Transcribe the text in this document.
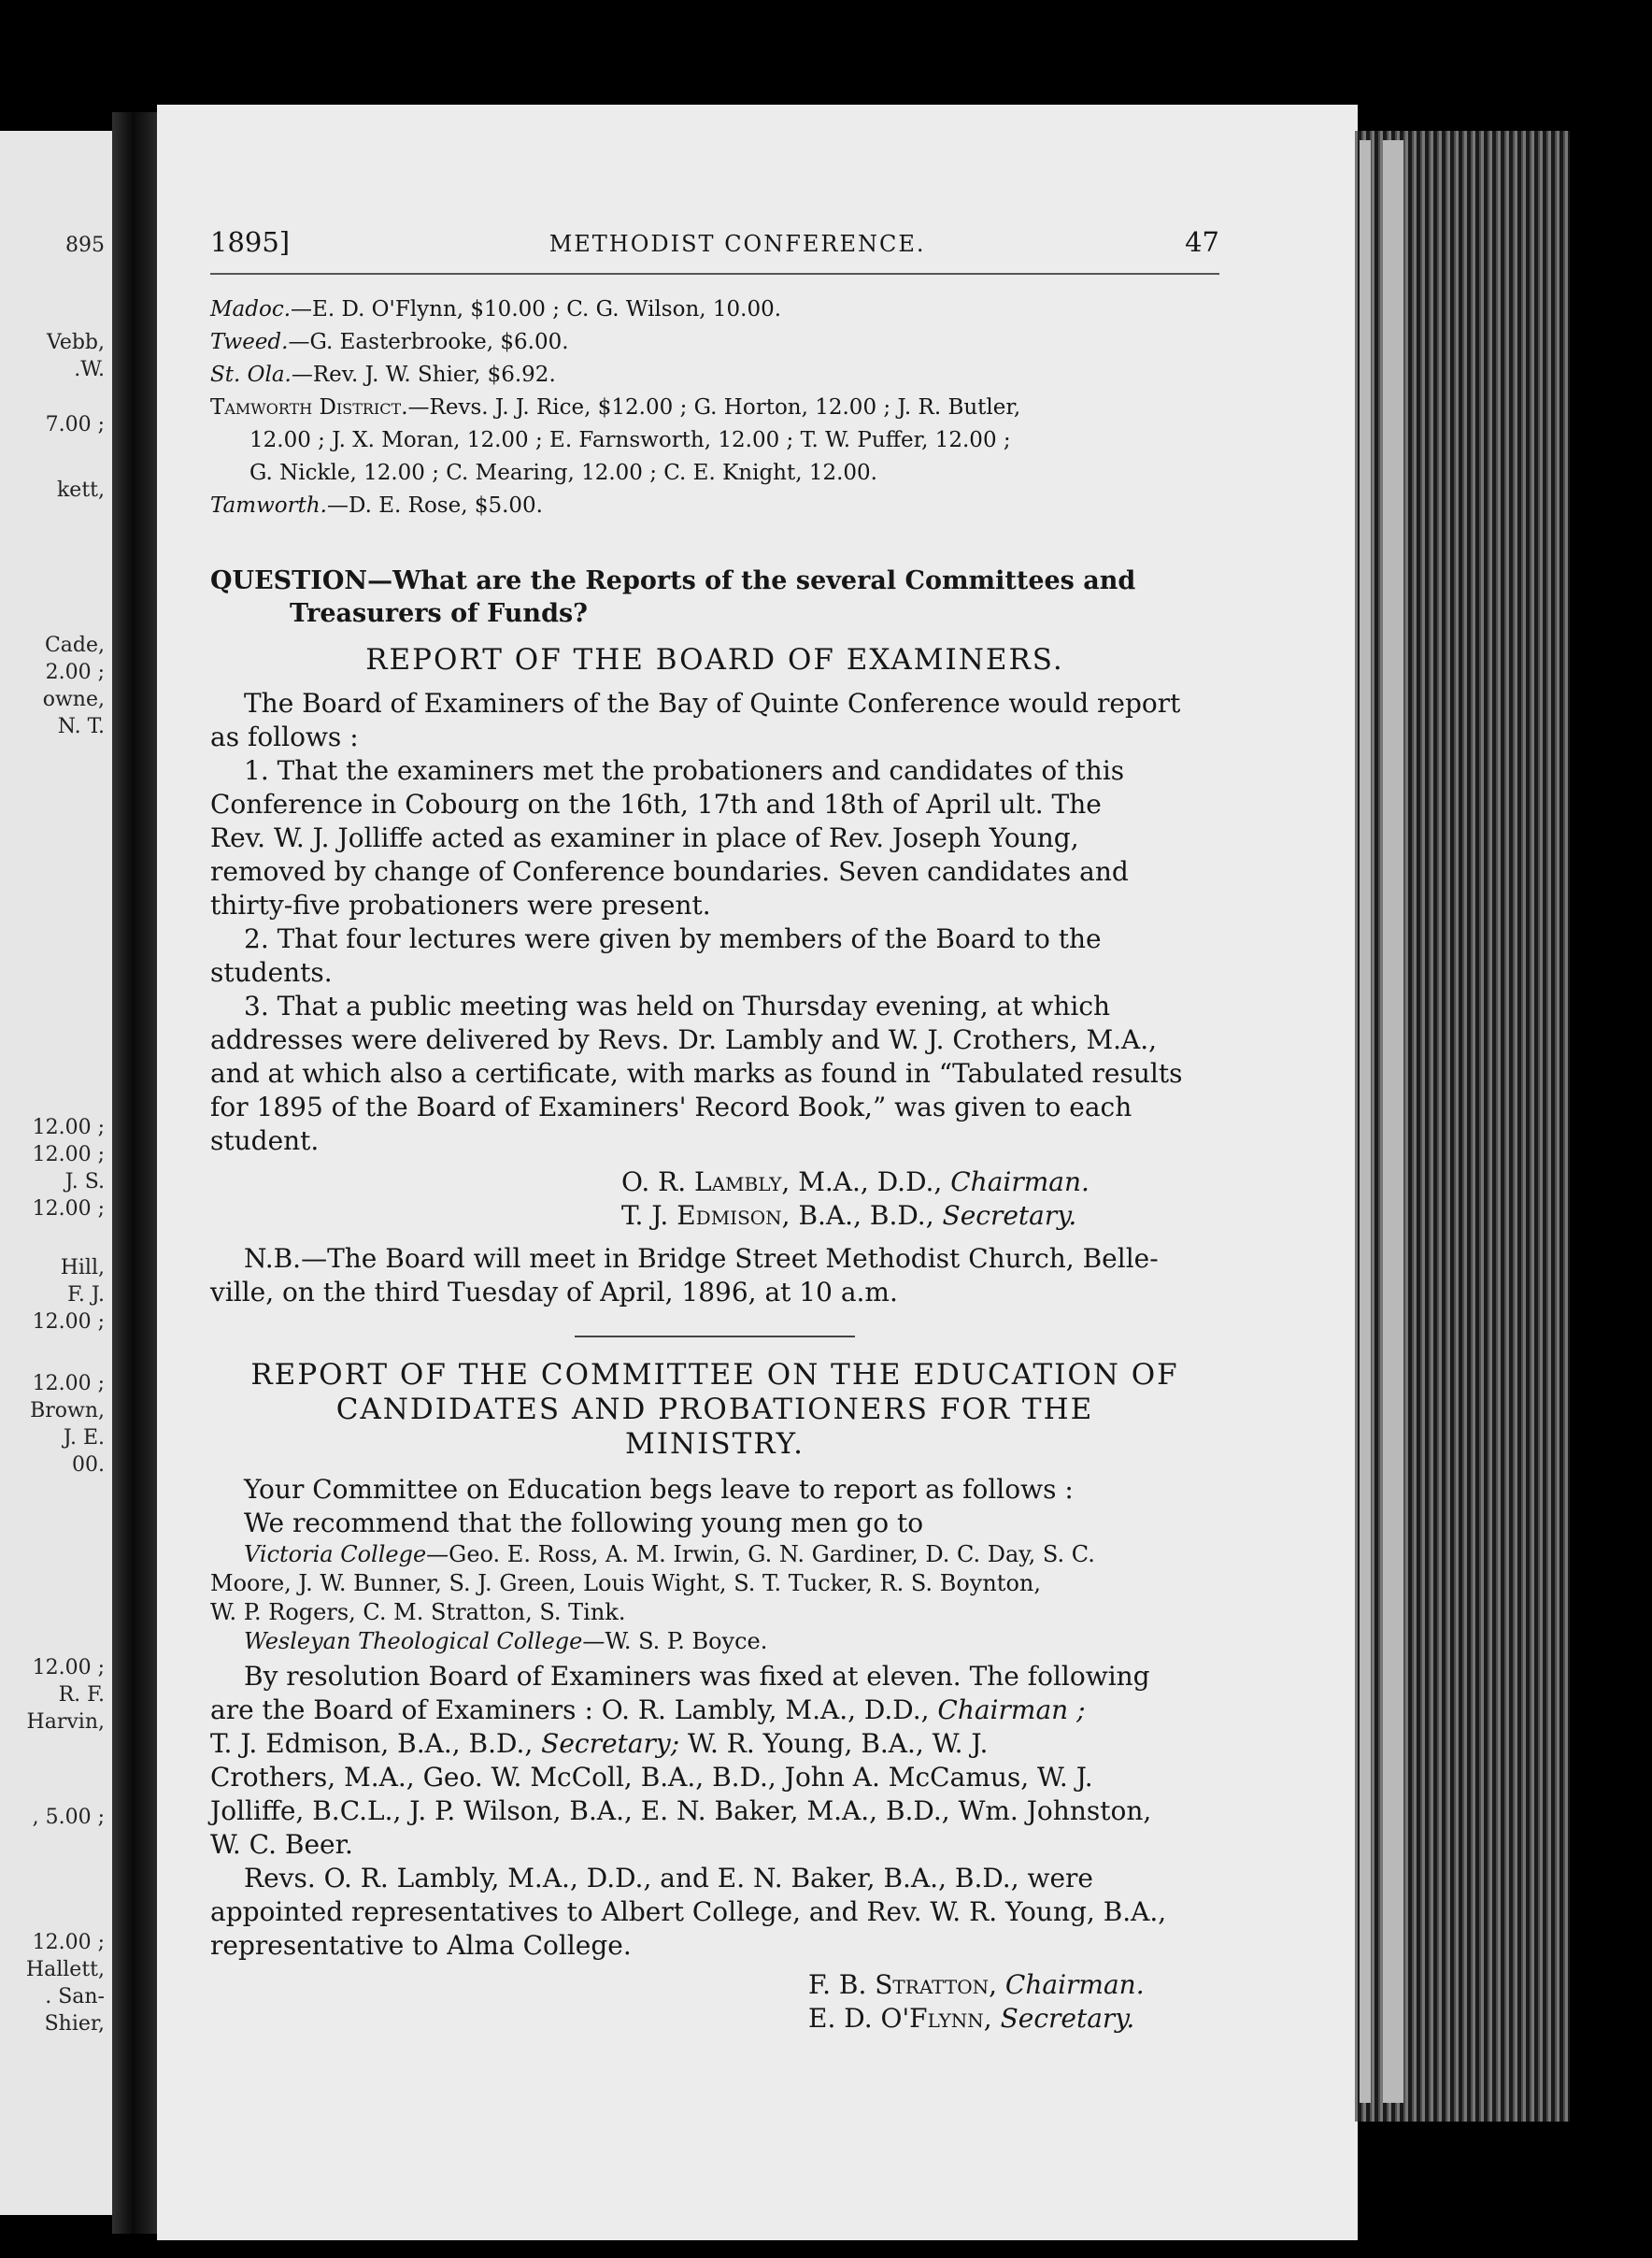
895
Vebb,
.W.
7.00 ;
kett,
Cade,
2.00 ;
owne,
N. T.
12.00 ;
12.00 ;
J. S.
12.00 ;
Hill,
F. J.
12.00 ;
12.00 ;
Brown,
J. E.
00.
12.00 ;
R. F.
Harvin,
, 5.00 ;
12.00 ;
Hallett,
. San-
Shier,
1895]	METHODIST CONFERENCE.	47
Madoc.—E. D. O'Flynn, $10.00 ; C. G. Wilson, 10.00.
Tweed.—G. Easterbrooke, $6.00.
St. Ola.—Rev. J. W. Shier, $6.92.
Tamworth District.—Revs. J. J. Rice, $12.00 ; G. Horton, 12.00 ; J. R. Butler,
12.00 ; J. X. Moran, 12.00 ; E. Farnsworth, 12.00 ; T. W. Puffer, 12.00 ;
G. Nickle, 12.00 ; C. Mearing, 12.00 ; C. E. Knight, 12.00.
Tamworth.—D. E. Rose, $5.00.
QUESTION—What are the Reports of the several Committees and
Treasurers of Funds?
REPORT OF THE BOARD OF EXAMINERS.
The Board of Examiners of the Bay of Quinte Conference would report
as follows :
1. That the examiners met the probationers and candidates of this
Conference in Cobourg on the 16th, 17th and 18th of April ult. The
Rev. W. J. Jolliffe acted as examiner in place of Rev. Joseph Young,
removed by change of Conference boundaries. Seven candidates and
thirty-five probationers were present.
2. That four lectures were given by members of the Board to the
students.
3. That a public meeting was held on Thursday evening, at which
addresses were delivered by Revs. Dr. Lambly and W. J. Crothers, M.A.,
and at which also a certificate, with marks as found in “Tabulated results
for 1895 of the Board of Examiners' Record Book,” was given to each
student.
O. R. Lambly, M.A., D.D., Chairman.
T. J. Edmison, B.A., B.D., Secretary.
N.B.—The Board will meet in Bridge Street Methodist Church, Belle-
ville, on the third Tuesday of April, 1896, at 10 a.m.
REPORT OF THE COMMITTEE ON THE EDUCATION OF
CANDIDATES AND PROBATIONERS FOR THE
MINISTRY.
Your Committee on Education begs leave to report as follows :
We recommend that the following young men go to
Victoria College—Geo. E. Ross, A. M. Irwin, G. N. Gardiner, D. C. Day, S. C.
Moore, J. W. Bunner, S. J. Green, Louis Wight, S. T. Tucker, R. S. Boynton,
W. P. Rogers, C. M. Stratton, S. Tink.
Wesleyan Theological College—W. S. P. Boyce.
By resolution Board of Examiners was fixed at eleven. The following
are the Board of Examiners : O. R. Lambly, M.A., D.D., Chairman ;
T. J. Edmison, B.A., B.D., Secretary; W. R. Young, B.A., W. J.
Crothers, M.A., Geo. W. McColl, B.A., B.D., John A. McCamus, W. J.
Jolliffe, B.C.L., J. P. Wilson, B.A., E. N. Baker, M.A., B.D., Wm. Johnston,
W. C. Beer.
Revs. O. R. Lambly, M.A., D.D., and E. N. Baker, B.A., B.D., were
appointed representatives to Albert College, and Rev. W. R. Young, B.A.,
representative to Alma College.
F. B. Stratton, Chairman.
E. D. O'Flynn, Secretary.
